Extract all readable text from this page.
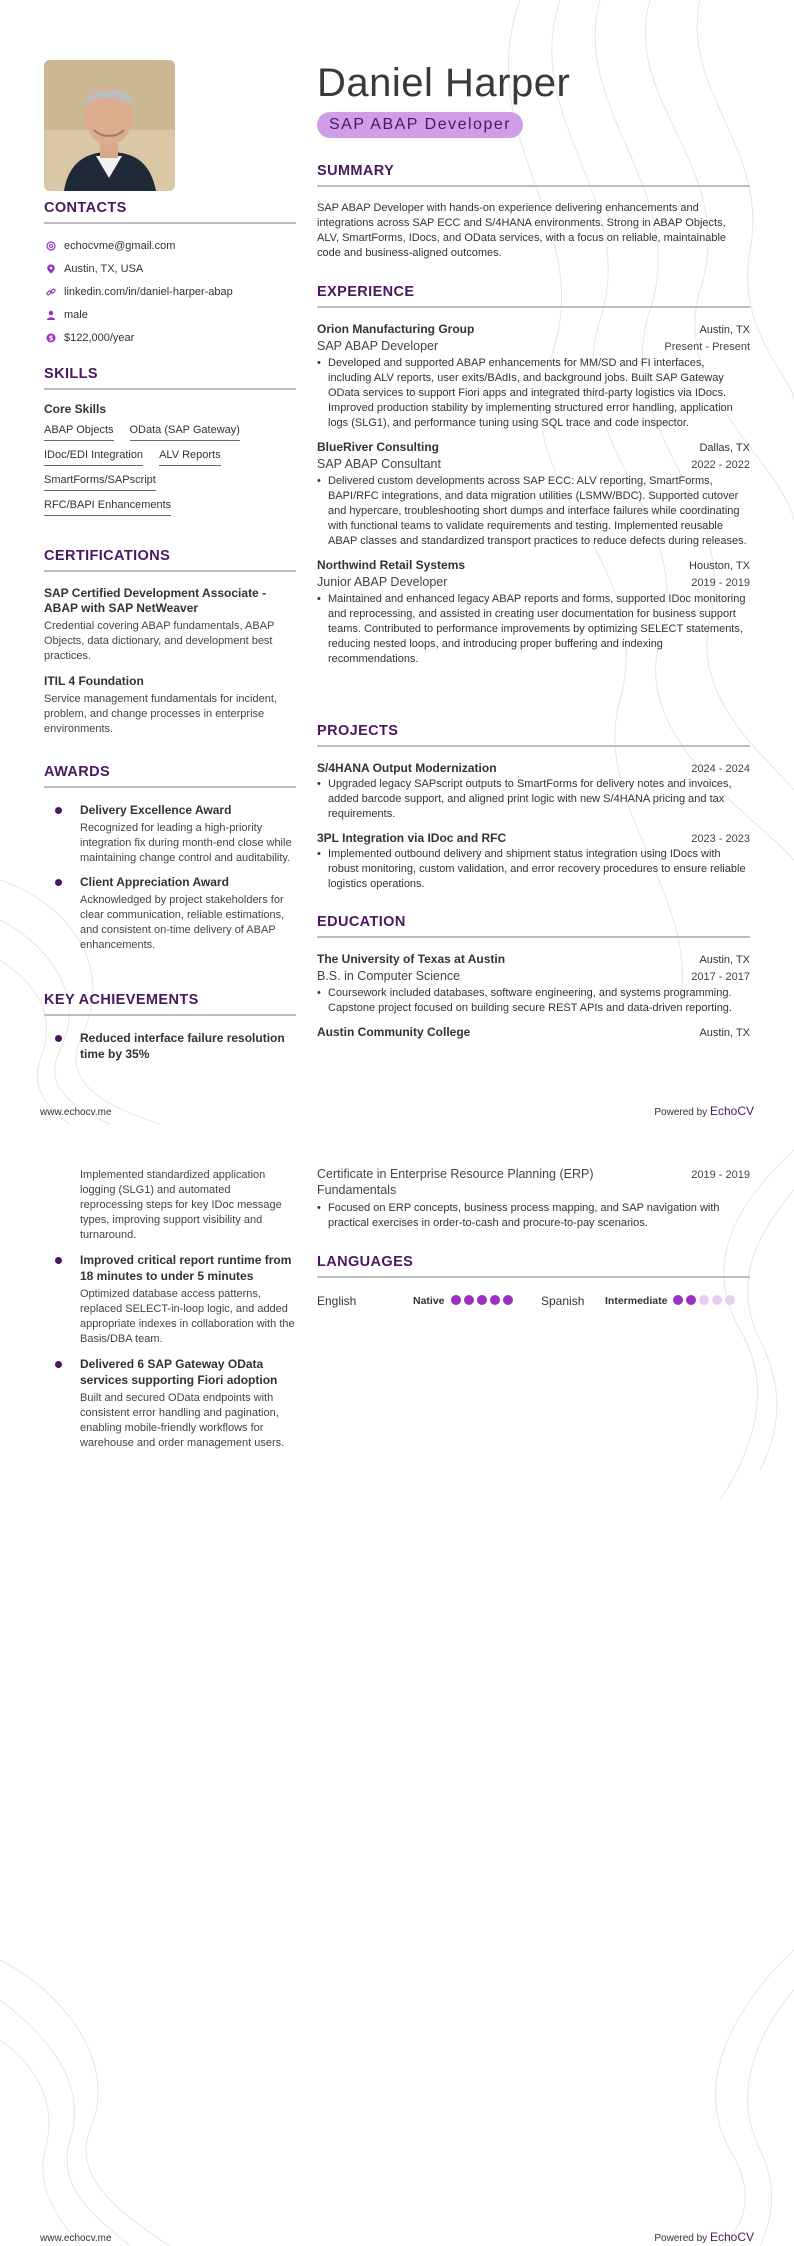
CONTACTS
echocvme@gmail.com
Austin, TX, USA
linkedin.com/in/daniel-harper-abap
male
$ $122,000/year
SKILLS
Core Skills
ABAP Objects OData (SAP Gateway)
IDoc/EDI Integration ALV Reports
SmartForms/SAPscript
RFC/BAPI Enhancements
CERTIFICATIONS
SAP Certified Development Associate - ABAP with SAP NetWeaver
Credential covering ABAP fundamentals, ABAP Objects, data dictionary, and development best practices.
ITIL 4 Foundation
Service management fundamentals for incident, problem, and change processes in enterprise environments.
AWARDS
Delivery Excellence Award
Recognized for leading a high-priority integration fix during month-end close while maintaining change control and auditability.
Client Appreciation Award
Acknowledged by project stakeholders for clear communication, reliable estimations, and consistent on-time delivery of ABAP enhancements.
KEY ACHIEVEMENTS
Reduced interface failure resolution time by 35%
Daniel Harper
SAP ABAP Developer
SUMMARY
SAP ABAP Developer with hands-on experience delivering enhancements and integrations across SAP ECC and S/4HANA environments. Strong in ABAP Objects, ALV, SmartForms, IDocs, and OData services, with a focus on reliable, maintainable code and business-aligned outcomes.
EXPERIENCE
Orion Manufacturing Group	Austin, TX
SAP ABAP Developer	Present - Present
• Developed and supported ABAP enhancements for MM/SD and FI interfaces, including ALV reports, user exits/BAdIs, and background jobs. Built SAP Gateway OData services to support Fiori apps and integrated third-party logistics via IDocs. Improved production stability by implementing structured error handling, application logs (SLG1), and performance tuning using SQL trace and code inspector.
BlueRiver Consulting	Dallas, TX
SAP ABAP Consultant	2022 - 2022
• Delivered custom developments across SAP ECC: ALV reporting, SmartForms, BAPI/RFC integrations, and data migration utilities (LSMW/BDC). Supported cutover and hypercare, troubleshooting short dumps and interface failures while coordinating with functional teams to validate requirements and testing. Implemented reusable ABAP classes and standardized transport practices to reduce defects during releases.
Northwind Retail Systems	Houston, TX
Junior ABAP Developer	2019 - 2019
• Maintained and enhanced legacy ABAP reports and forms, supported IDoc monitoring and reprocessing, and assisted in creating user documentation for business support teams. Contributed to performance improvements by optimizing SELECT statements, reducing nested loops, and introducing proper buffering and indexing recommendations.
PROJECTS
S/4HANA Output Modernization	2024 - 2024
• Upgraded legacy SAPscript outputs to SmartForms for delivery notes and invoices, added barcode support, and aligned print logic with new S/4HANA pricing and tax requirements.
3PL Integration via IDoc and RFC	2023 - 2023
• Implemented outbound delivery and shipment status integration using IDocs with robust monitoring, custom validation, and error recovery procedures to ensure reliable logistics operations.
EDUCATION
The University of Texas at Austin	Austin, TX
B.S. in Computer Science	2017 - 2017
• Coursework included databases, software engineering, and systems programming. Capstone project focused on building secure REST APIs and data-driven reporting.
Austin Community College	Austin, TX
www.echocv.me	Powered by EchoCV
Implemented standardized application logging (SLG1) and automated reprocessing steps for key IDoc message types, improving support visibility and turnaround.
Improved critical report runtime from 18 minutes to under 5 minutes
Optimized database access patterns, replaced SELECT-in-loop logic, and added appropriate indexes in collaboration with the Basis/DBA team.
Delivered 6 SAP Gateway OData services supporting Fiori adoption
Built and secured OData endpoints with consistent error handling and pagination, enabling mobile-friendly workflows for warehouse and order management users.
Certificate in Enterprise Resource Planning (ERP) Fundamentals
2019 - 2019
• Focused on ERP concepts, business process mapping, and SAP navigation with practical exercises in order-to-cash and procure-to-pay scenarios.
LANGUAGES
English	Native	Spanish	Intermediate
www.echocv.me	Powered by EchoCV
